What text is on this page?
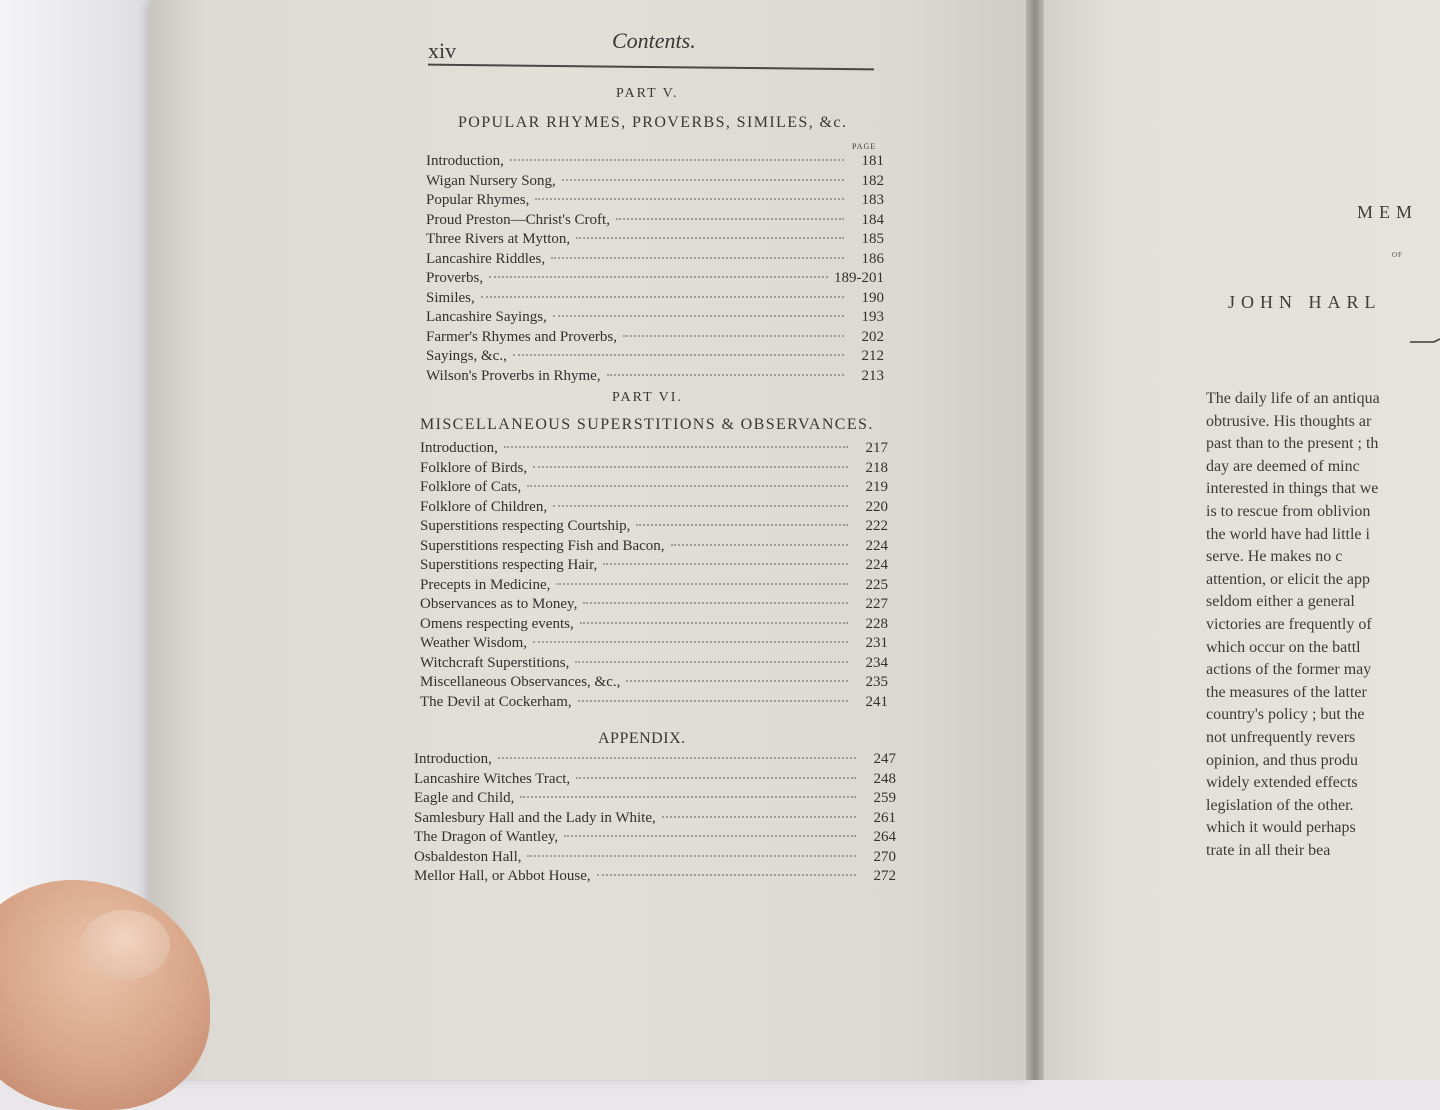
xiv	Contents.
PART V.
POPULAR RHYMES, PROVERBS, SIMILES, &c.
PAGE
Introduction,	181
Wigan Nursery Song,	182
Popular Rhymes,	183
Proud Preston—Christ's Croft,	184
Three Rivers at Mytton,	185
Lancashire Riddles,	186
Proverbs,	189-201
Similes,	190
Lancashire Sayings,	193
Farmer's Rhymes and Proverbs,	202
Sayings, &c.,	212
Wilson's Proverbs in Rhyme,	213
PART VI.
MISCELLANEOUS SUPERSTITIONS & OBSERVANCES.
Introduction,	217
Folklore of Birds,	218
Folklore of Cats,	219
Folklore of Children,	220
Superstitions respecting Courtship,	222
Superstitions respecting Fish and Bacon,	224
Superstitions respecting Hair,	224
Precepts in Medicine,	225
Observances as to Money,	227
Omens respecting events,	228
Weather Wisdom,	231
Witchcraft Superstitions,	234
Miscellaneous Observances, &c.,	235
The Devil at Cockerham,	241
APPENDIX.
Introduction,	247
Lancashire Witches Tract,	248
Eagle and Child,	259
Samlesbury Hall and the Lady in White,	261
The Dragon of Wantley,	264
Osbaldeston Hall,	270
Mellor Hall, or Abbot House,	272
MEM
OF
JOHN HARL
The daily life of an antiqua
obtrusive. His thoughts ar
past than to the present ; th
day are deemed of minc
interested in things that we
is to rescue from oblivion
the world have had little i
serve. He makes no c
attention, or elicit the app
seldom either a general
victories are frequently of
which occur on the battl
actions of the former may
the measures of the latter
country's policy ; but the
not unfrequently revers
opinion, and thus produ
widely extended effects
legislation of the other.
which it would perhaps
trate in all their bea
